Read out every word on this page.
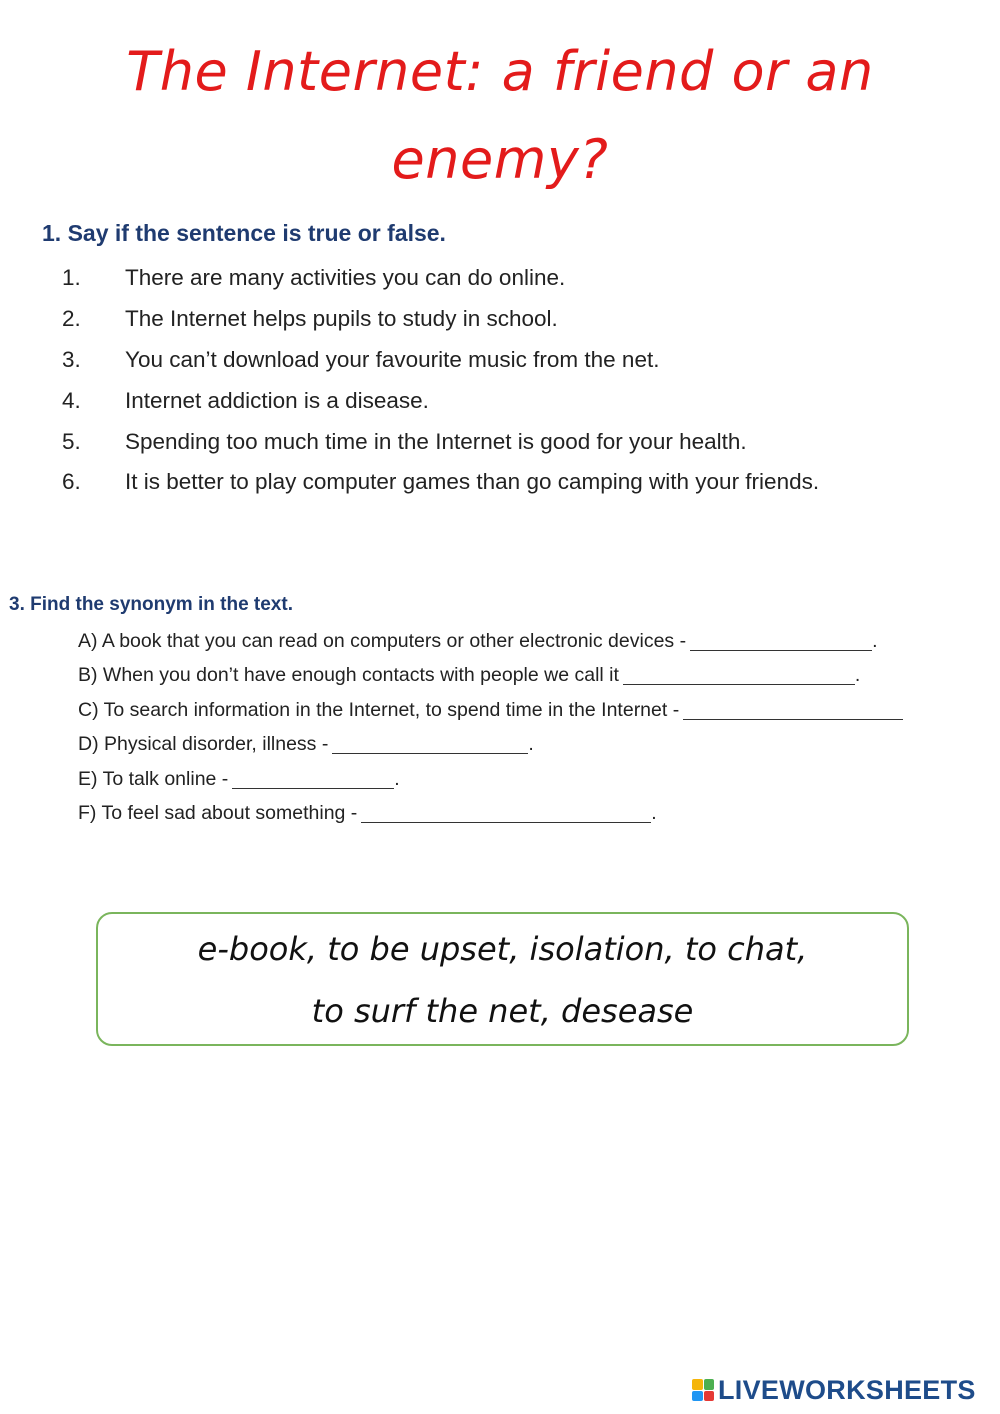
The Internet: a friend or an
enemy?
1. Say if the sentence is true or false.
1.	There are many activities you can do online.
2.	The Internet helps pupils to study in school.
3.	You can’t download your favourite music from the net.
4.	Internet addiction is a disease.
5.	Spending too much time in the Internet is good for your health.
6.	It is better to play computer games than go camping with your friends.
3. Find the synonym in the text.
A) A book that you can read on computers or other electronic devices -	.
B) When you don’t have enough contacts with people we call it	.
C) To search information in the Internet, to spend time in the Internet -
D) Physical disorder, illness -	.
E) To talk online -	.
F) To feel sad about something -	.
e-book, to be upset, isolation, to chat,
to surf the net, desease
LIVEWORKSHEETS
